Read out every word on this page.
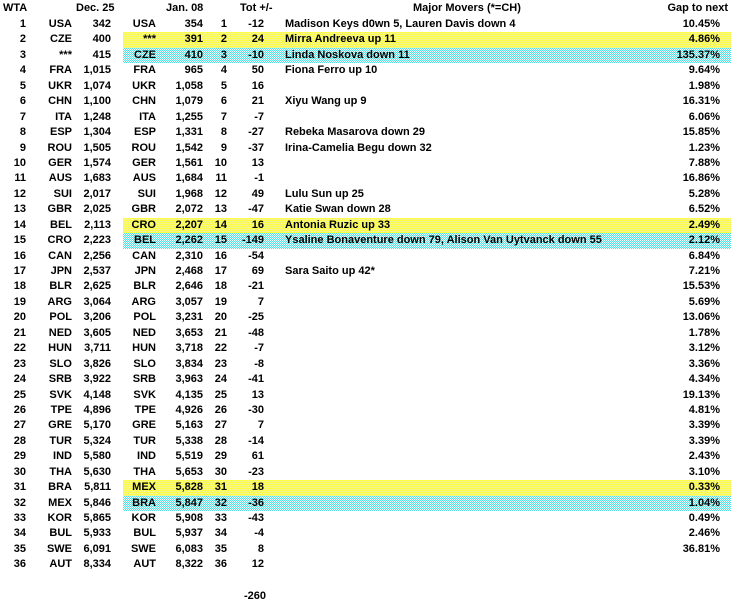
WTA	Dec. 25	Jan. 08	Tot +/-	Major Movers (*=CH)	Gap to next
1	USA	342	USA	354	1	-12	Madison Keys d0wn 5, Lauren Davis down 4	10.45%
2	CZE	400	***	391	2	24	Mirra Andreeva up 11	4.86%
3	***	415	CZE	410	3	-10	Linda Noskova down 11	135.37%
4	FRA	1,015	FRA	965	4	50	Fiona Ferro up 10	9.64%
5	UKR	1,074	UKR	1,058	5	16	1.98%
6	CHN	1,100	CHN	1,079	6	21	Xiyu Wang up 9	16.31%
7	ITA	1,248	ITA	1,255	7	-7	6.06%
8	ESP	1,304	ESP	1,331	8	-27	Rebeka Masarova down 29	15.85%
9	ROU	1,505	ROU	1,542	9	-37	Irina-Camelia Begu down 32	1.23%
10	GER	1,574	GER	1,561	10	13	7.88%
11	AUS	1,683	AUS	1,684	11	-1	16.86%
12	SUI	2,017	SUI	1,968	12	49	Lulu Sun up 25	5.28%
13	GBR	2,025	GBR	2,072	13	-47	Katie Swan down 28	6.52%
14	BEL	2,113	CRO	2,207	14	16	Antonia Ruzic up 33	2.49%
15	CRO	2,223	BEL	2,262	15	-149	Ysaline Bonaventure down 79, Alison Van Uytvanck down 55	2.12%
16	CAN	2,256	CAN	2,310	16	-54	6.84%
17	JPN	2,537	JPN	2,468	17	69	Sara Saito up 42*	7.21%
18	BLR	2,625	BLR	2,646	18	-21	15.53%
19	ARG	3,064	ARG	3,057	19	7	5.69%
20	POL	3,206	POL	3,231	20	-25	13.06%
21	NED	3,605	NED	3,653	21	-48	1.78%
22	HUN	3,711	HUN	3,718	22	-7	3.12%
23	SLO	3,826	SLO	3,834	23	-8	3.36%
24	SRB	3,922	SRB	3,963	24	-41	4.34%
25	SVK	4,148	SVK	4,135	25	13	19.13%
26	TPE	4,896	TPE	4,926	26	-30	4.81%
27	GRE	5,170	GRE	5,163	27	7	3.39%
28	TUR	5,324	TUR	5,338	28	-14	3.39%
29	IND	5,580	IND	5,519	29	61	2.43%
30	THA	5,630	THA	5,653	30	-23	3.10%
31	BRA	5,811	MEX	5,828	31	18	0.33%
32	MEX	5,846	BRA	5,847	32	-36	1.04%
33	KOR	5,865	KOR	5,908	33	-43	0.49%
34	BUL	5,933	BUL	5,937	34	-4	2.46%
35	SWE	6,091	SWE	6,083	35	8	36.81%
36	AUT	8,334	AUT	8,322	36	12
-260
